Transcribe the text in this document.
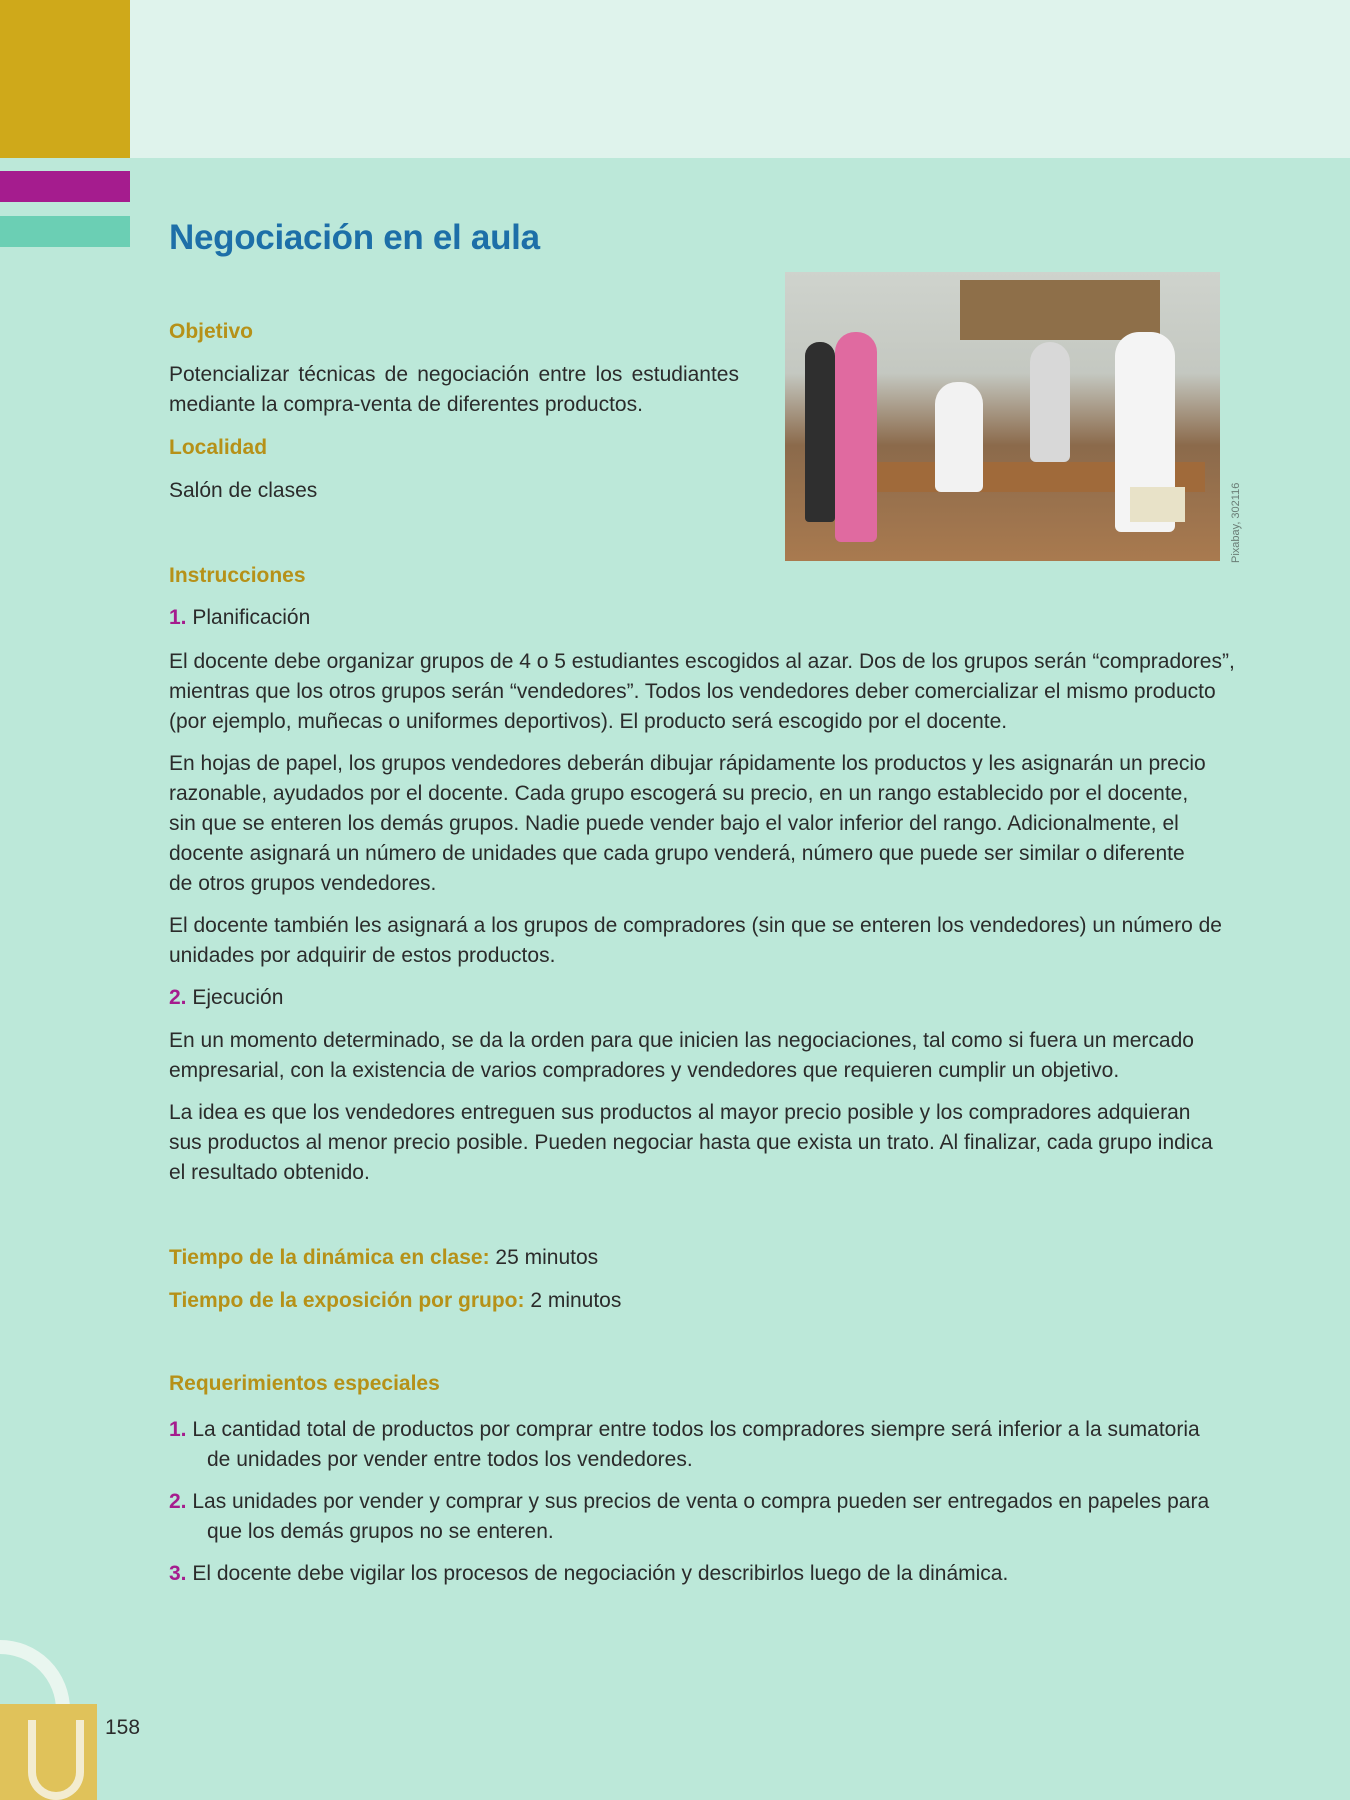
Negociación en el aula
Pixabay, 302116

Objetivo

Potencializar técnicas de negociación entre los estudiantes

mediante la compra-venta de diferentes productos.

Localidad

Salón de clases

Instrucciones

1. Planificación

El docente debe organizar grupos de 4 o 5 estudiantes escogidos al azar. Dos de los grupos serán “compradores”,

mientras que los otros grupos serán “vendedores”. Todos los vendedores deber comercializar el mismo producto

(por ejemplo, muñecas o uniformes deportivos). El producto será escogido por el docente.

En hojas de papel, los grupos vendedores deberán dibujar rápidamente los productos y les asignarán un precio

razonable, ayudados por el docente. Cada grupo escogerá su precio, en un rango establecido por el docente,

sin que se enteren los demás grupos. Nadie puede vender bajo el valor inferior del rango. Adicionalmente, el

docente asignará un número de unidades que cada grupo venderá, número que puede ser similar o diferente

de otros grupos vendedores.

El docente también les asignará a los grupos de compradores (sin que se enteren los vendedores) un número de

unidades por adquirir de estos productos.

2. Ejecución

En un momento determinado, se da la orden para que inicien las negociaciones, tal como si fuera un mercado

empresarial, con la existencia de varios compradores y vendedores que requieren cumplir un objetivo.

La idea es que los vendedores entreguen sus productos al mayor precio posible y los compradores adquieran

sus productos al menor precio posible. Pueden negociar hasta que exista un trato. Al finalizar, cada grupo indica

el resultado obtenido.

Tiempo de la dinámica en clase: 25 minutos

Tiempo de la exposición por grupo: 2 minutos

Requerimientos especiales

1. La cantidad total de productos por comprar entre todos los compradores siempre será inferior a la sumatoria

de unidades por vender entre todos los vendedores.

2. Las unidades por vender y comprar y sus precios de venta o compra pueden ser entregados en papeles para

que los demás grupos no se enteren.

3. El docente debe vigilar los procesos de negociación y describirlos luego de la dinámica.

158
